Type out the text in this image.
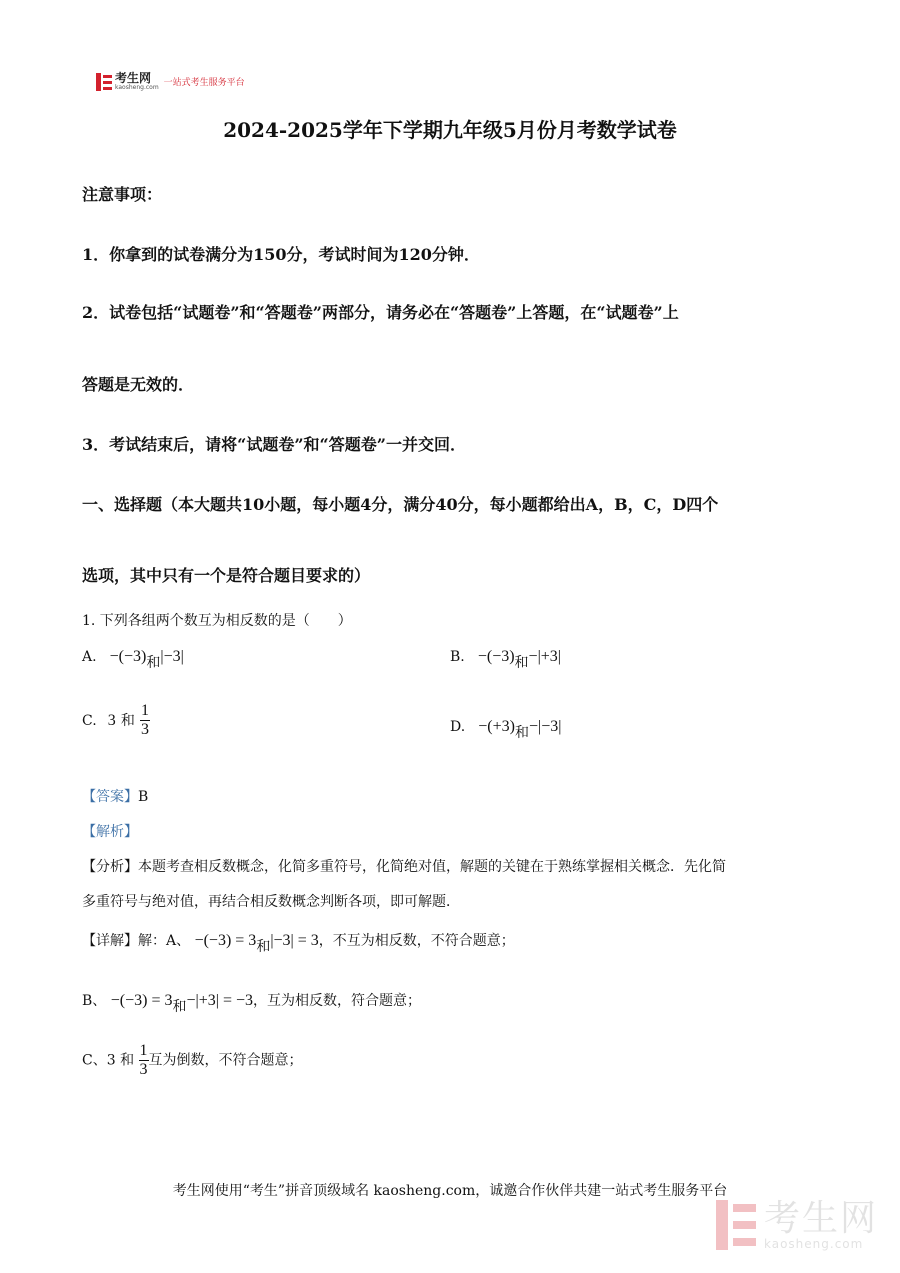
考生网
kaosheng.com 一站式考生服务平台
2024-2025学年下学期九年级5月份月考数学试卷
注意事项：
1．你拿到的试卷满分为150分，考试时间为120分钟．
2．试卷包括“试题卷”和“答题卷”两部分，请务必在“答题卷”上答题，在“试题卷”上
答题是无效的．
3．考试结束后，请将“试题卷”和“答题卷”一并交回．
一、选择题（本大题共10小题，每小题4分，满分40分，每小题都给出A，B，C，D四个
选项，其中只有一个是符合题目要求的）
1. 下列各组两个数互为相反数的是（　　）
A. −(−3)和|−3|	B. −(−3)和−|+3|
C. 3 和 $\frac{1}{3}$	D. −(+3)和−|−3|
【答案】B
【解析】
【分析】本题考查相反数概念，化简多重符号，化简绝对值，解题的关键在于熟练掌握相关概念．先化简
多重符号与绝对值，再结合相反数概念判断各项，即可解题．
【详解】解：A、 −(−3) = 3和|−3| = 3，不互为相反数，不符合题意；
B、 −(−3) = 3和−|+3| = −3，互为相反数，符合题意；
C、3 和 $\frac{1}{3}$ 互为倒数，不符合题意；
考生网使用“考生”拼音顶级域名 kaosheng.com，诚邀合作伙伴共建一站式考生服务平台
考生网
kaosheng.com
